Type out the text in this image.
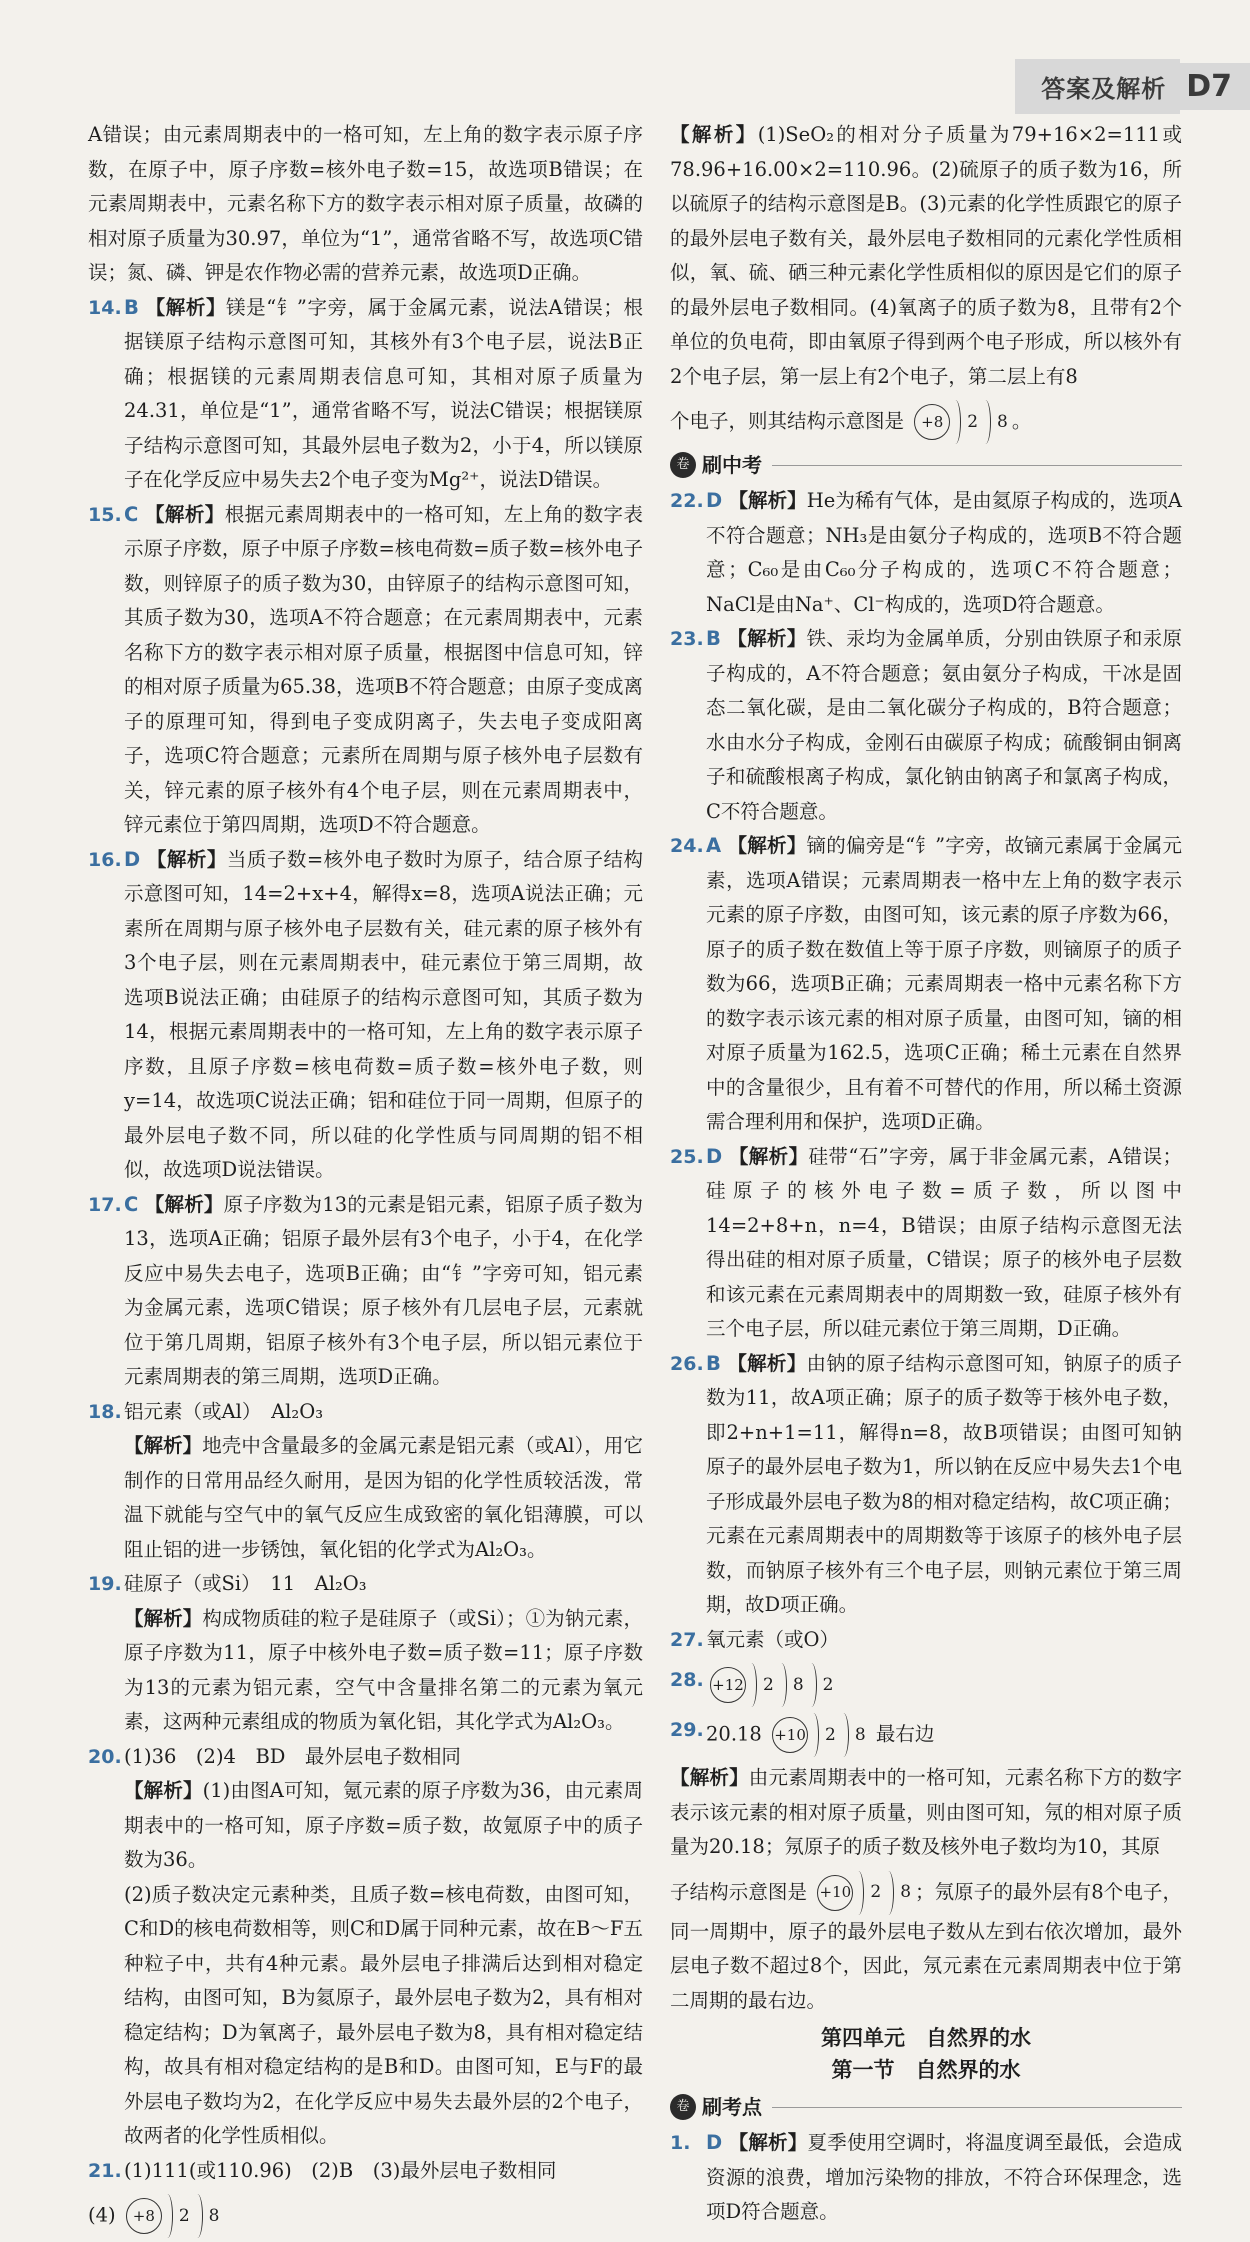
答案及解析 D7

A错误；由元素周期表中的一格可知，左上角的数字表示原子序数，在原子中，原子序数=核外电子数=15，故选项B错误；在元素周期表中，元素名称下方的数字表示相对原子质量，故磷的相对原子质量为30.97，单位为“1”，通常省略不写，故选项C错误；氮、磷、钾是农作物必需的营养元素，故选项D正确。

14. B 【解析】镁是“钅”字旁，属于金属元素，说法A错误；根据镁原子结构示意图可知，其核外有3个电子层，说法B正确；根据镁的元素周期表信息可知，其相对原子质量为24.31，单位是“1”，通常省略不写，说法C错误；根据镁原子结构示意图可知，其最外层电子数为2，小于4，所以镁原子在化学反应中易失去2个电子变为Mg²⁺，说法D错误。
15. C 【解析】根据元素周期表中的一格可知，左上角的数字表示原子序数，原子中原子序数=核电荷数=质子数=核外电子数，则锌原子的质子数为30，由锌原子的结构示意图可知，其质子数为30，选项A不符合题意；在元素周期表中，元素名称下方的数字表示相对原子质量，根据图中信息可知，锌的相对原子质量为65.38，选项B不符合题意；由原子变成离子的原理可知，得到电子变成阴离子，失去电子变成阳离子，选项C符合题意；元素所在周期与原子核外电子层数有关，锌元素的原子核外有4个电子层，则在元素周期表中，锌元素位于第四周期，选项D不符合题意。
16. D 【解析】当质子数=核外电子数时为原子，结合原子结构示意图可知，14=2+x+4，解得x=8，选项A说法正确；元素所在周期与原子核外电子层数有关，硅元素的原子核外有3个电子层，则在元素周期表中，硅元素位于第三周期，故选项B说法正确；由硅原子的结构示意图可知，其质子数为14，根据元素周期表中的一格可知，左上角的数字表示原子序数，且原子序数=核电荷数=质子数=核外电子数，则y=14，故选项C说法正确；铝和硅位于同一周期，但原子的最外层电子数不同，所以硅的化学性质与同周期的铝不相似，故选项D说法错误。
17. C 【解析】原子序数为13的元素是铝元素，铝原子质子数为13，选项A正确；铝原子最外层有3个电子，小于4，在化学反应中易失去电子，选项B正确；由“钅”字旁可知，铝元素为金属元素，选项C错误；原子核外有几层电子层，元素就位于第几周期，铝原子核外有3个电子层，所以铝元素位于元素周期表的第三周期，选项D正确。
18. 铝元素（或Al）　Al₂O₃
【解析】地壳中含量最多的金属元素是铝元素（或Al），用它制作的日常用品经久耐用，是因为铝的化学性质较活泼，常温下就能与空气中的氧气反应生成致密的氧化铝薄膜，可以阻止铝的进一步锈蚀，氧化铝的化学式为Al₂O₃。
19. 硅原子（或Si）　11　Al₂O₃
【解析】构成物质硅的粒子是硅原子（或Si）；①为钠元素，原子序数为11，原子中核外电子数=质子数=11；原子序数为13的元素为铝元素，空气中含量排名第二的元素为氧元素，这两种元素组成的物质为氧化铝，其化学式为Al₂O₃。
20. (1)36　(2)4　BD　最外层电子数相同
【解析】(1)由图A可知，氪元素的原子序数为36，由元素周期表中的一格可知，原子序数=质子数，故氪原子中的质子数为36。
(2)质子数决定元素种类，且质子数=核电荷数，由图可知，C和D的核电荷数相等，则C和D属于同种元素，故在B～F五种粒子中，共有4种元素。最外层电子排满后达到相对稳定结构，由图可知，B为氦原子，最外层电子数为2，具有相对稳定结构；D为氧离子，最外层电子数为8，具有相对稳定结构，故具有相对稳定结构的是B和D。由图可知，E与F的最外层电子数均为2，在化学反应中易失去最外层的2个电子，故两者的化学性质相似。
21. (1)111(或110.96)　(2)B　(3)最外层电子数相同
(4)	+8	2 8

【解析】(1)SeO₂的相对分子质量为79+16×2=111或78.96+16.00×2=110.96。(2)硫原子的质子数为16，所以硫原子的结构示意图是B。(3)元素的化学性质跟它的原子的最外层电子数有关，最外层电子数相同的元素化学性质相似，氧、硫、硒三种元素化学性质相似的原因是它们的原子的最外层电子数相同。(4)氧离子的质子数为8，且带有2个单位的负电荷，即由氧原子得到两个电子形成，所以核外有2个电子层，第一层上有2个电子，第二层上有8

个电子，则其结构示意图是	+8	2 8 。

卷 刷中考
22. D 【解析】He为稀有气体，是由氦原子构成的，选项A不符合题意；NH₃是由氨分子构成的，选项B不符合题意；C₆₀是由C₆₀分子构成的，选项C不符合题意；NaCl是由Na⁺、Cl⁻构成的，选项D符合题意。
23. B 【解析】铁、汞均为金属单质，分别由铁原子和汞原子构成的，A不符合题意；氨由氨分子构成，干冰是固态二氧化碳，是由二氧化碳分子构成的，B符合题意；水由水分子构成，金刚石由碳原子构成；硫酸铜由铜离子和硫酸根离子构成，氯化钠由钠离子和氯离子构成，C不符合题意。
24. A 【解析】镝的偏旁是“钅”字旁，故镝元素属于金属元素，选项A错误；元素周期表一格中左上角的数字表示元素的原子序数，由图可知，该元素的原子序数为66，原子的质子数在数值上等于原子序数，则镝原子的质子数为66，选项B正确；元素周期表一格中元素名称下方的数字表示该元素的相对原子质量，由图可知，镝的相对原子质量为162.5，选项C正确；稀土元素在自然界中的含量很少，且有着不可替代的作用，所以稀土资源需合理利用和保护，选项D正确。
25. D 【解析】硅带“石”字旁，属于非金属元素，A错误；硅原子的核外电子数=质子数，所以图中14=2+8+n，n=4，B错误；由原子结构示意图无法得出硅的相对原子质量，C错误；原子的核外电子层数和该元素在元素周期表中的周期数一致，硅原子核外有三个电子层，所以硅元素位于第三周期，D正确。
26. B 【解析】由钠的原子结构示意图可知，钠原子的质子数为11，故A项正确；原子的质子数等于核外电子数，即2+n+1=11，解得n=8，故B项错误；由图可知钠原子的最外层电子数为1，所以钠在反应中易失去1个电子形成最外层电子数为8的相对稳定结构，故C项正确；元素在元素周期表中的周期数等于该原子的核外电子层数，而钠原子核外有三个电子层，则钠元素位于第三周期，故D项正确。
27. 氧元素（或O）
28. +12 2 8 2
29. 20.18 +10 2 8 最右边

【解析】由元素周期表中的一格可知，元素名称下方的数字表示该元素的相对原子质量，则由图可知，氖的相对原子质量为20.18；氖原子的质子数及核外电子数均为10，其原

子结构示意图是 +10 2 8 ；氖原子的最外层有8个电子，同一周期中，原子的最外层电子数从左到右依次增加，最外层电子数不超过8个，因此，氖元素在元素周期表中位于第二周期的最右边。

第四单元　自然界的水
第一节　自然界的水
卷 刷考点
1. D 【解析】夏季使用空调时，将温度调至最低，会造成资源的浪费，增加污染物的排放，不符合环保理念，选项D符合题意。
